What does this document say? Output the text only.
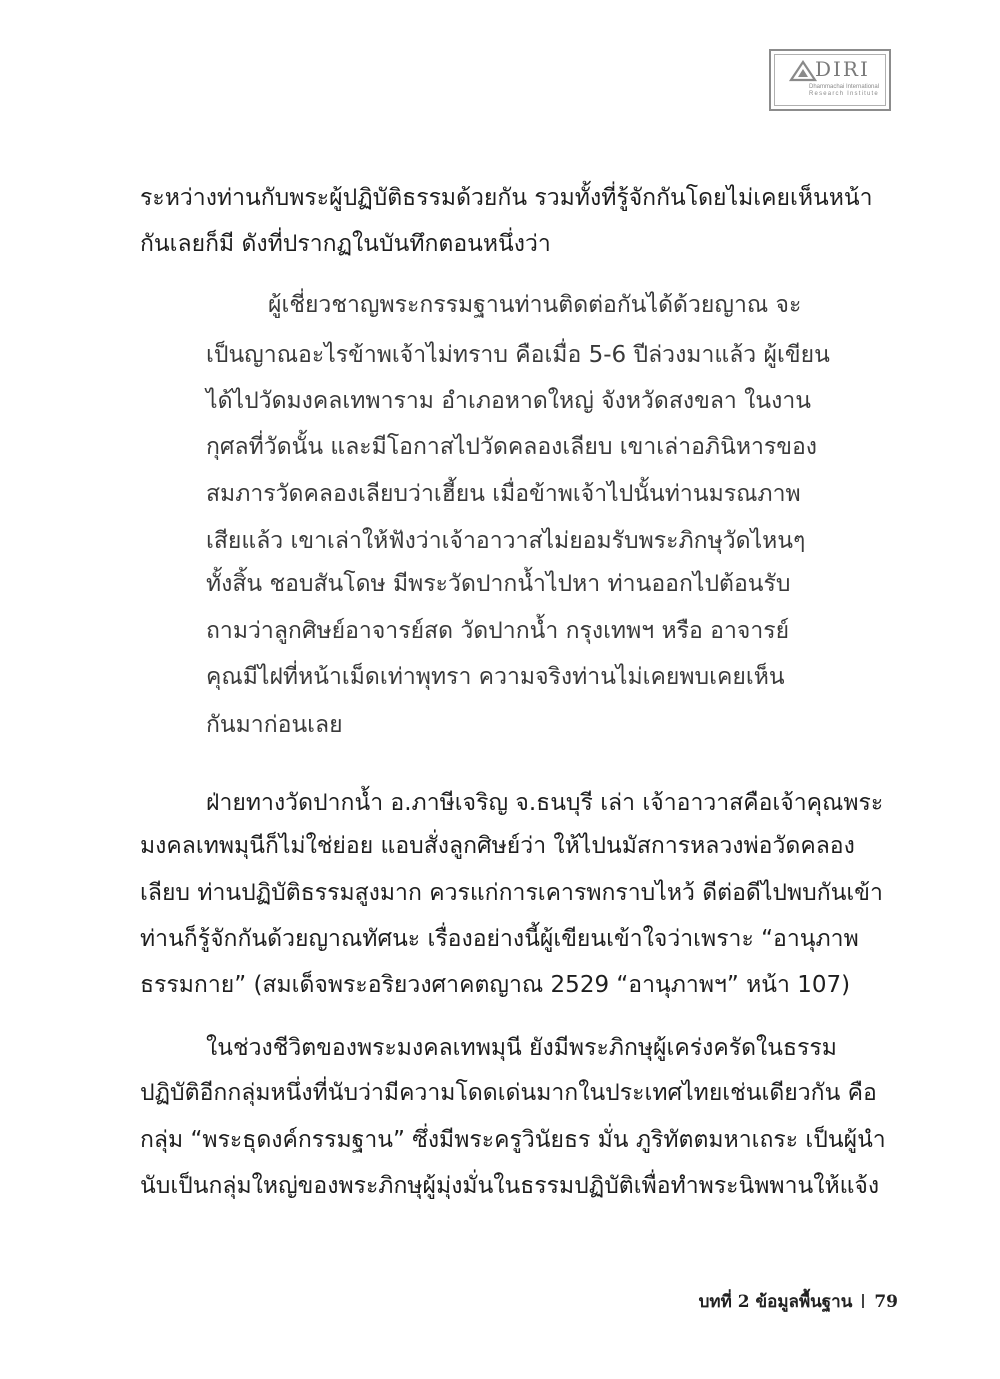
DIRI
Dhammachai International
Research Institute

ระหว่างท่านกับพระผู้ปฏิบัติธรรมด้วยกัน รวมทั้งที่รู้จักกันโดยไม่เคยเห็นหน้า

กันเลยก็มี ดังที่ปรากฏในบันทึกตอนหนึ่งว่า

ผู้เชี่ยวชาญพระกรรมฐานท่านติดต่อกันได้ด้วยญาณ จะ

เป็นญาณอะไรข้าพเจ้าไม่ทราบ คือเมื่อ 5-6 ปีล่วงมาแล้ว ผู้เขียน

ได้ไปวัดมงคลเทพาราม อำเภอหาดใหญ่ จังหวัดสงขลา ในงาน

กุศลที่วัดนั้น และมีโอกาสไปวัดคลองเลียบ เขาเล่าอภินิหารของ

สมภารวัดคลองเลียบว่าเฮี้ยน เมื่อข้าพเจ้าไปนั้นท่านมรณภาพ

เสียแล้ว เขาเล่าให้ฟังว่าเจ้าอาวาสไม่ยอมรับพระภิกษุวัดไหนๆ

ทั้งสิ้น ชอบสันโดษ มีพระวัดปากน้ำไปหา ท่านออกไปต้อนรับ

ถามว่าลูกศิษย์อาจารย์สด วัดปากน้ำ กรุงเทพฯ หรือ อาจารย์

คุณมีไฝที่หน้าเม็ดเท่าพุทรา ความจริงท่านไม่เคยพบเคยเห็น

กันมาก่อนเลย

ฝ่ายทางวัดปากน้ำ อ.ภาษีเจริญ จ.ธนบุรี เล่า เจ้าอาวาสคือเจ้าคุณพระ

มงคลเทพมุนีก็ไม่ใช่ย่อย แอบสั่งลูกศิษย์ว่า ให้ไปนมัสการหลวงพ่อวัดคลอง

เลียบ ท่านปฏิบัติธรรมสูงมาก ควรแก่การเคารพกราบไหว้ ดีต่อดีไปพบกันเข้า

ท่านก็รู้จักกันด้วยญาณทัศนะ เรื่องอย่างนี้ผู้เขียนเข้าใจว่าเพราะ “อานุภาพ

ธรรมกาย” (สมเด็จพระอริยวงศาคตญาณ 2529 “อานุภาพฯ” หน้า 107)

ในช่วงชีวิตของพระมงคลเทพมุนี ยังมีพระภิกษุผู้เคร่งครัดในธรรม

ปฏิบัติอีกกลุ่มหนึ่งที่นับว่ามีความโดดเด่นมากในประเทศไทยเช่นเดียวกัน คือ

กลุ่ม “พระธุดงค์กรรมฐาน” ซึ่งมีพระครูวินัยธร มั่น ภูริทัตตมหาเถระ เป็นผู้นำ

นับเป็นกลุ่มใหญ่ของพระภิกษุผู้มุ่งมั่นในธรรมปฏิบัติเพื่อทำพระนิพพานให้แจ้ง

บทที่ 2 ข้อมูลพื้นฐาน 79
